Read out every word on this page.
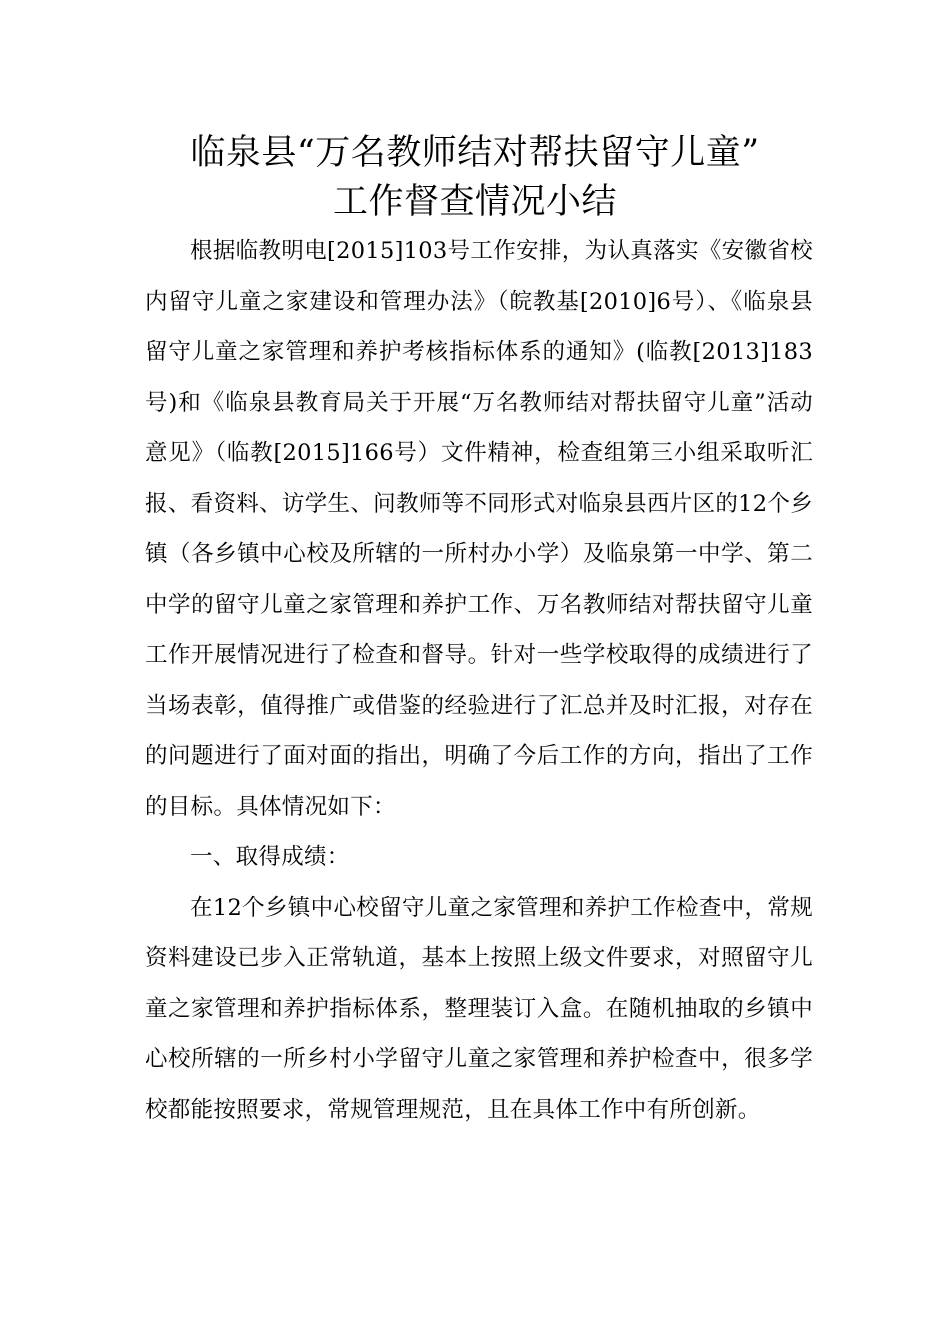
临泉县“万名教师结对帮扶留守儿童”
工作督查情况小结

根据临教明电[2015]103号工作安排，为认真落实《安徽省校内留守儿童之家建设和管理办法》（皖教基[2010]6号）、《临泉县留守儿童之家管理和养护考核指标体系的通知》(临教[2013]183号)和《临泉县教育局关于开展“万名教师结对帮扶留守儿童”活动意见》（临教[2015]166号）文件精神，检查组第三小组采取听汇报、看资料、访学生、问教师等不同形式对临泉县西片区的12个乡镇（各乡镇中心校及所辖的一所村办小学）及临泉第一中学、第二中学的留守儿童之家管理和养护工作、万名教师结对帮扶留守儿童工作开展情况进行了检查和督导。针对一些学校取得的成绩进行了当场表彰，值得推广或借鉴的经验进行了汇总并及时汇报，对存在的问题进行了面对面的指出，明确了今后工作的方向，指出了工作的目标。具体情况如下：

一、取得成绩：

在12个乡镇中心校留守儿童之家管理和养护工作检查中，常规资料建设已步入正常轨道，基本上按照上级文件要求，对照留守儿童之家管理和养护指标体系，整理装订入盒。在随机抽取的乡镇中心校所辖的一所乡村小学留守儿童之家管理和养护检查中，很多学校都能按照要求，常规管理规范，且在具体工作中有所创新。
